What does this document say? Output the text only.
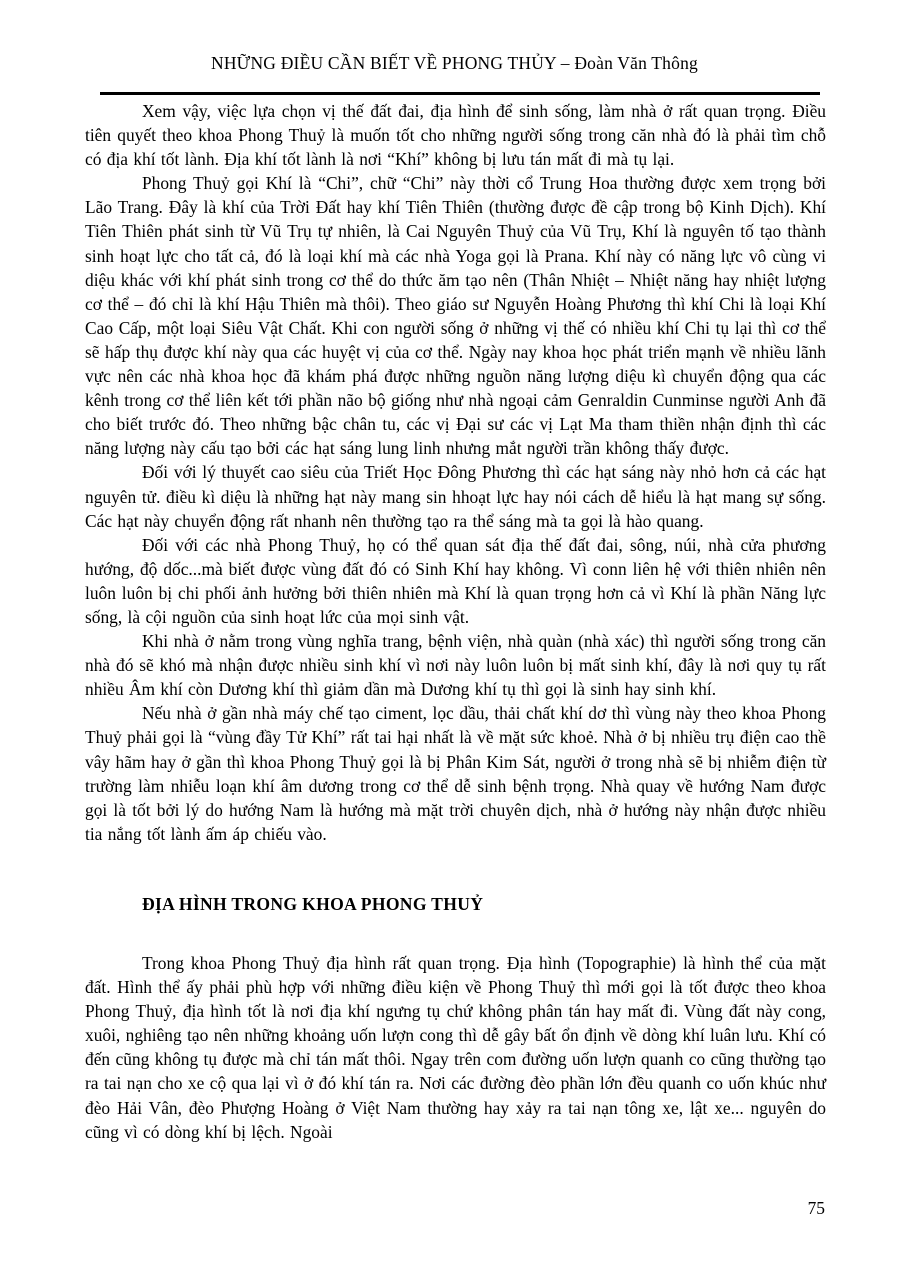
NHỮNG ĐIỀU CẦN BIẾT VỀ PHONG THỦY – Đoàn Văn Thông

Xem vậy, việc lựa chọn vị thế đất đai, địa hình để sinh sống, làm nhà ở rất quan trọng. Điều tiên quyết theo khoa Phong Thuỷ là muốn tốt cho những người sống trong căn nhà đó là phải tìm chỗ có địa khí tốt lành. Địa khí tốt lành là nơi “Khí” không bị lưu tán mất đi mà tụ lại.

Phong Thuỷ gọi Khí là “Chi”, chữ “Chi” này thời cổ Trung Hoa thường được xem trọng bởi Lão Trang. Đây là khí của Trời Đất hay khí Tiên Thiên (thường được đề cập trong bộ Kinh Dịch). Khí Tiên Thiên phát sinh từ Vũ Trụ tự nhiên, là Cai Nguyên Thuỷ của Vũ Trụ, Khí là nguyên tố tạo thành sinh hoạt lực cho tất cả, đó là loại khí mà các nhà Yoga gọi là Prana. Khí này có năng lực vô cùng vi diệu khác với khí phát sinh trong cơ thể do thức ăm tạo nên (Thân Nhiệt – Nhiệt năng hay nhiệt lượng cơ thể – đó chỉ là khí Hậu Thiên mà thôi). Theo giáo sư Nguyễn Hoàng Phương thì khí Chi là loại Khí Cao Cấp, một loại Siêu Vật Chất. Khi con người sống ở những vị thế có nhiều khí Chi tụ lại thì cơ thể sẽ hấp thụ được khí này qua các huyệt vị của cơ thể. Ngày nay khoa học phát triển mạnh về nhiều lãnh vực nên các nhà khoa học đã khám phá được những nguồn năng lượng diệu kì chuyển động qua các kênh trong cơ thể liên kết tới phần não bộ giống như nhà ngoại cảm Genraldin Cunminse người Anh đã cho biết trước đó. Theo những bậc chân tu, các vị Đại sư các vị Lạt Ma tham thiền nhận định thì các năng lượng này cấu tạo bởi các hạt sáng lung linh nhưng mắt người trần không thấy được.

Đối với lý thuyết cao siêu của Triết Học Đông Phương thì các hạt sáng này nhỏ hơn cả các hạt nguyên tử. điều kì diệu là những hạt này mang sin hhoạt lực hay nói cách dễ hiểu là hạt mang sự sống. Các hạt này chuyển động rất nhanh nên thường tạo ra thể sáng mà ta gọi là hào quang.

Đối với các nhà Phong Thuỷ, họ có thể quan sát địa thế đất đai, sông, núi, nhà cửa phương hướng, độ dốc...mà biết được vùng đất đó có Sinh Khí hay không. Vì conn liên hệ với thiên nhiên nên luôn luôn bị chi phối ảnh hưởng bởi thiên nhiên mà Khí là quan trọng hơn cả vì Khí là phần Năng lực sống, là cội nguồn của sinh hoạt lức của mọi sinh vật.

Khi nhà ở nằm trong vùng nghĩa trang, bệnh viện, nhà quàn (nhà xác) thì người sống trong căn nhà đó sẽ khó mà nhận được nhiều sinh khí vì nơi này luôn luôn bị mất sinh khí, đây là nơi quy tụ rất nhiều Âm khí còn Dương khí thì giảm dần mà Dương khí tụ thì gọi là sinh hay sinh khí.

Nếu nhà ở gần nhà máy chế tạo ciment, lọc dầu, thải chất khí dơ thì vùng này theo khoa Phong Thuỷ phải gọi là “vùng đầy Tử Khí” rất tai hại nhất là về mặt sức khoẻ. Nhà ở bị nhiều trụ điện cao thề vây hãm hay ở gần thì khoa Phong Thuỷ gọi là bị Phân Kim Sát, người ở trong nhà sẽ bị nhiễm điện từ trường làm nhiễu loạn khí âm dương trong cơ thể dễ sinh bệnh trọng. Nhà quay về hướng Nam được gọi là tốt bởi lý do hướng Nam là hướng mà mặt trời chuyên dịch, nhà ở hướng này nhận được nhiều tia nắng tốt lành ấm áp chiếu vào.

ĐỊA HÌNH TRONG KHOA PHONG THUỶ

Trong khoa Phong Thuỷ địa hình rất quan trọng. Địa hình (Topographie) là hình thể của mặt đất. Hình thể ấy phải phù hợp với những điều kiện về Phong Thuỷ thì mới gọi là tốt được theo khoa Phong Thuỷ, địa hình tốt là nơi địa khí ngưng tụ chứ không phân tán hay mất đi. Vùng đất này cong, xuôi, nghiêng tạo nên những khoảng uốn lượn cong thì dễ gây bất ổn định về dòng khí luân lưu. Khí có đến cũng không tụ được mà chỉ tán mất thôi. Ngay trên com đường uốn lượn quanh co cũng thường tạo ra tai nạn cho xe cộ qua lại vì ở đó khí tán ra. Nơi các đường đèo phần lớn đều quanh co uốn khúc như đèo Hải Vân, đèo Phượng Hoàng ở Việt Nam thường hay xảy ra tai nạn tông xe, lật xe... nguyên do cũng vì có dòng khí bị lệch. Ngoài

75
